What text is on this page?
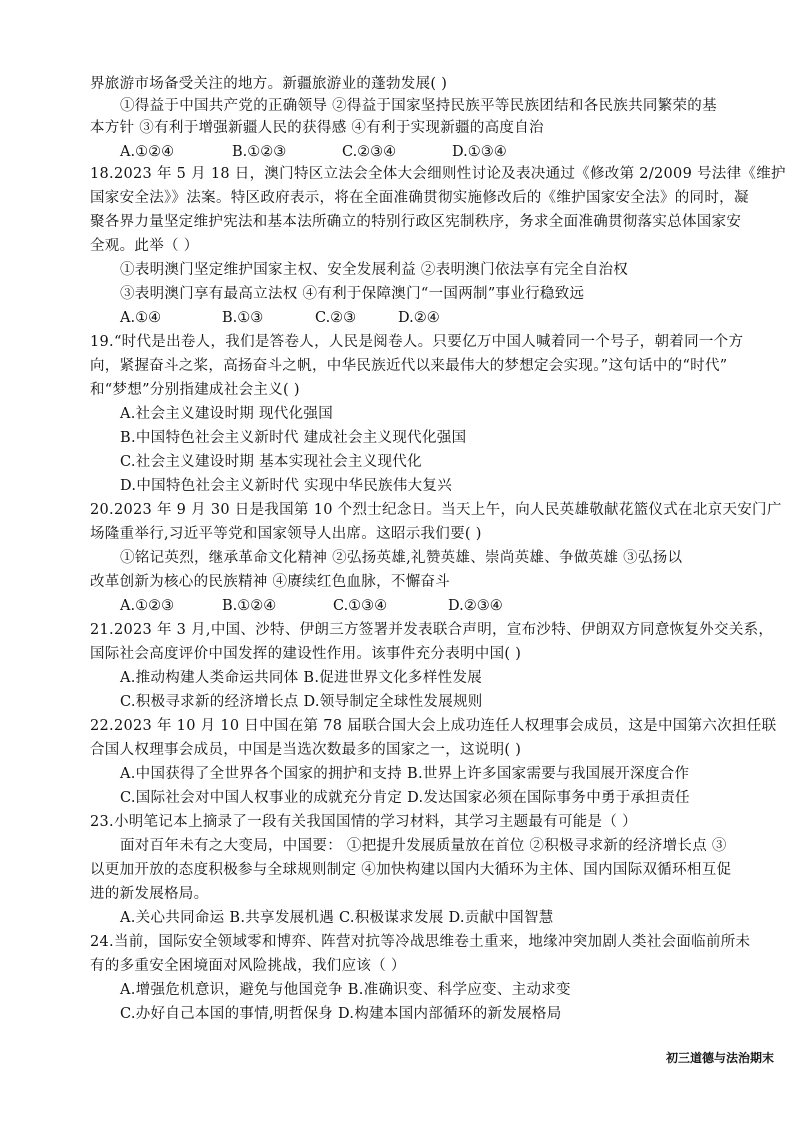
界旅游市场备受关注的地方。新疆旅游业的蓬勃发展( )
①得益于中国共产党的正确领导 ②得益于国家坚持民族平等民族团结和各民族共同繁荣的基
本方针 ③有利于增强新疆人民的获得感 ④有利于实现新疆的高度自治
A.①②④	B.①②③	C.②③④	D.①③④
18.2023 年 5 月 18 日，澳门特区立法会全体大会细则性讨论及表决通过《修改第 2/2009 号法律《维护
国家安全法》》法案。特区政府表示，将在全面准确贯彻实施修改后的《维护国家安全法》的同时，凝
聚各界力量坚定维护宪法和基本法所确立的特别行政区宪制秩序，务求全面准确贯彻落实总体国家安
全观。此举（ ）
①表明澳门坚定维护国家主权、安全发展利益 ②表明澳门依法享有完全自治权
③表明澳门享有最高立法权 ④有利于保障澳门“一国两制”事业行稳致远
A.①④	B.①③	C.②③	D.②④
19.“时代是出卷人，我们是答卷人，人民是阅卷人。只要亿万中国人喊着同一个号子，朝着同一个方
向，紧握奋斗之桨，高扬奋斗之帆，中华民族近代以来最伟大的梦想定会实现。”这句话中的“时代”
和“梦想”分别指建成社会主义( )
A.社会主义建设时期 现代化强国
B.中国特色社会主义新时代 建成社会主义现代化强国
C.社会主义建设时期 基本实现社会主义现代化
D.中国特色社会主义新时代 实现中华民族伟大复兴
20.2023 年 9 月 30 日是我国第 10 个烈士纪念日。当天上午，向人民英雄敬献花篮仪式在北京天安门广
场隆重举行,习近平等党和国家领导人出席。这昭示我们要( )
①铭记英烈，继承革命文化精神 ②弘扬英雄,礼赞英雄、崇尚英雄、争做英雄 ③弘扬以
改革创新为核心的民族精神 ④赓续红色血脉，不懈奋斗
A.①②③	B.①②④	C.①③④	D.②③④
21.2023 年 3 月,中国、沙特、伊朗三方签署并发表联合声明，宣布沙特、伊朗双方同意恢复外交关系，
国际社会高度评价中国发挥的建设性作用。该事件充分表明中国( )
A.推动构建人类命运共同体 B.促进世界文化多样性发展
C.积极寻求新的经济增长点 D.领导制定全球性发展规则
22.2023 年 10 月 10 日中国在第 78 届联合国大会上成功连任人权理事会成员，这是中国第六次担任联
合国人权理事会成员，中国是当选次数最多的国家之一，这说明( )
A.中国获得了全世界各个国家的拥护和支持 B.世界上许多国家需要与我国展开深度合作
C.国际社会对中国人权事业的成就充分肯定 D.发达国家必须在国际事务中勇于承担责任
23.小明笔记本上摘录了一段有关我国国情的学习材料，其学习主题最有可能是（ ）
面对百年未有之大变局，中国要： ①把提升发展质量放在首位 ②积极寻求新的经济增长点 ③
以更加开放的态度积极参与全球规则制定 ④加快构建以国内大循环为主体、国内国际双循环相互促
进的新发展格局。
A.关心共同命运 B.共享发展机遇 C.积极谋求发展 D.贡献中国智慧
24.当前，国际安全领域零和博弈、阵营对抗等冷战思维卷土重来，地缘冲突加剧人类社会面临前所未
有的多重安全困境面对风险挑战，我们应该（ ）
A.增强危机意识，避免与他国竞争 B.准确识变、科学应变、主动求变
C.办好自己本国的事情,明哲保身 D.构建本国内部循环的新发展格局
初三道德与法治期末
